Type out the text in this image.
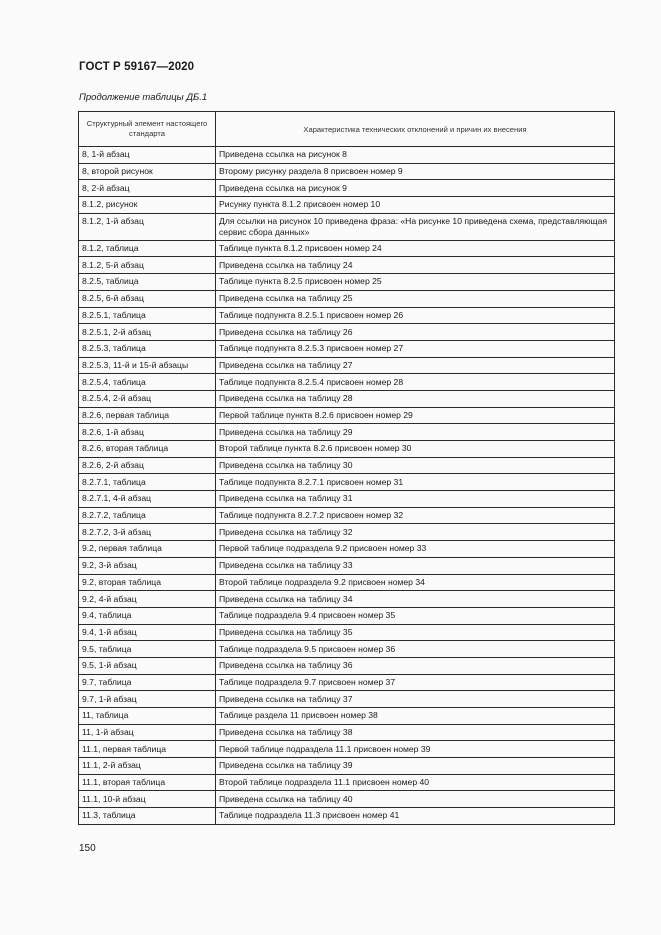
ГОСТ Р 59167—2020
Продолжение таблицы ДБ.1
Структурный элемент настоящего стандарта	Характеристика технических отклонений и причин их внесения
8, 1-й абзац	Приведена ссылка на рисунок 8
8, второй рисунок	Второму рисунку раздела 8 присвоен номер 9
8, 2-й абзац	Приведена ссылка на рисунок 9
8.1.2, рисунок	Рисунку пункта 8.1.2 присвоен номер 10
8.1.2, 1-й абзац	Для ссылки на рисунок 10 приведена фраза: «На рисунке 10 приведена схема, представляющая сервис сбора данных»
8.1.2, таблица	Таблице пункта 8.1.2 присвоен номер 24
8.1.2, 5-й абзац	Приведена ссылка на таблицу 24
8.2.5, таблица	Таблице пункта 8.2.5 присвоен номер 25
8.2.5, 6-й абзац	Приведена ссылка на таблицу 25
8.2.5.1, таблица	Таблице подпункта 8.2.5.1 присвоен номер 26
8.2.5.1, 2-й абзац	Приведена ссылка на таблицу 26
8.2.5.3, таблица	Таблице подпункта 8.2.5.3 присвоен номер 27
8.2.5.3, 11-й и 15-й абзацы	Приведена ссылка на таблицу 27
8.2.5.4, таблица	Таблице подпункта 8.2.5.4 присвоен номер 28
8.2.5.4, 2-й абзац	Приведена ссылка на таблицу 28
8.2.6, первая таблица	Первой таблице пункта 8.2.6 присвоен номер 29
8.2.6, 1-й абзац	Приведена ссылка на таблицу 29
8.2.6, вторая таблица	Второй таблице пункта 8.2.6 присвоен номер 30
8.2.6, 2-й абзац	Приведена ссылка на таблицу 30
8.2.7.1, таблица	Таблице подпункта 8.2.7.1 присвоен номер 31
8.2.7.1, 4-й абзац	Приведена ссылка на таблицу 31
8.2.7.2, таблица	Таблице подпункта 8.2.7.2 присвоен номер 32
8.2.7.2, 3-й абзац	Приведена ссылка на таблицу 32
9.2, первая таблица	Первой таблице подраздела 9.2 присвоен номер 33
9.2, 3-й абзац	Приведена ссылка на таблицу 33
9.2, вторая таблица	Второй таблице подраздела 9.2 присвоен номер 34
9.2, 4-й абзац	Приведена ссылка на таблицу 34
9.4, таблица	Таблице подраздела 9.4 присвоен номер 35
9.4, 1-й абзац	Приведена ссылка на таблицу 35
9.5, таблица	Таблице подраздела 9.5 присвоен номер 36
9.5, 1-й абзац	Приведена ссылка на таблицу 36
9.7, таблица	Таблице подраздела 9.7 присвоен номер 37
9.7, 1-й абзац	Приведена ссылка на таблицу 37
11, таблица	Таблице раздела 11 присвоен номер 38
11, 1-й абзац	Приведена ссылка на таблицу 38
11.1, первая таблица	Первой таблице подраздела 11.1 присвоен номер 39
11.1, 2-й абзац	Приведена ссылка на таблицу 39
11.1, вторая таблица	Второй таблице подраздела 11.1 присвоен номер 40
11.1, 10-й абзац	Приведена ссылка на таблицу 40
11.3, таблица	Таблице подраздела 11.3 присвоен номер 41
150
